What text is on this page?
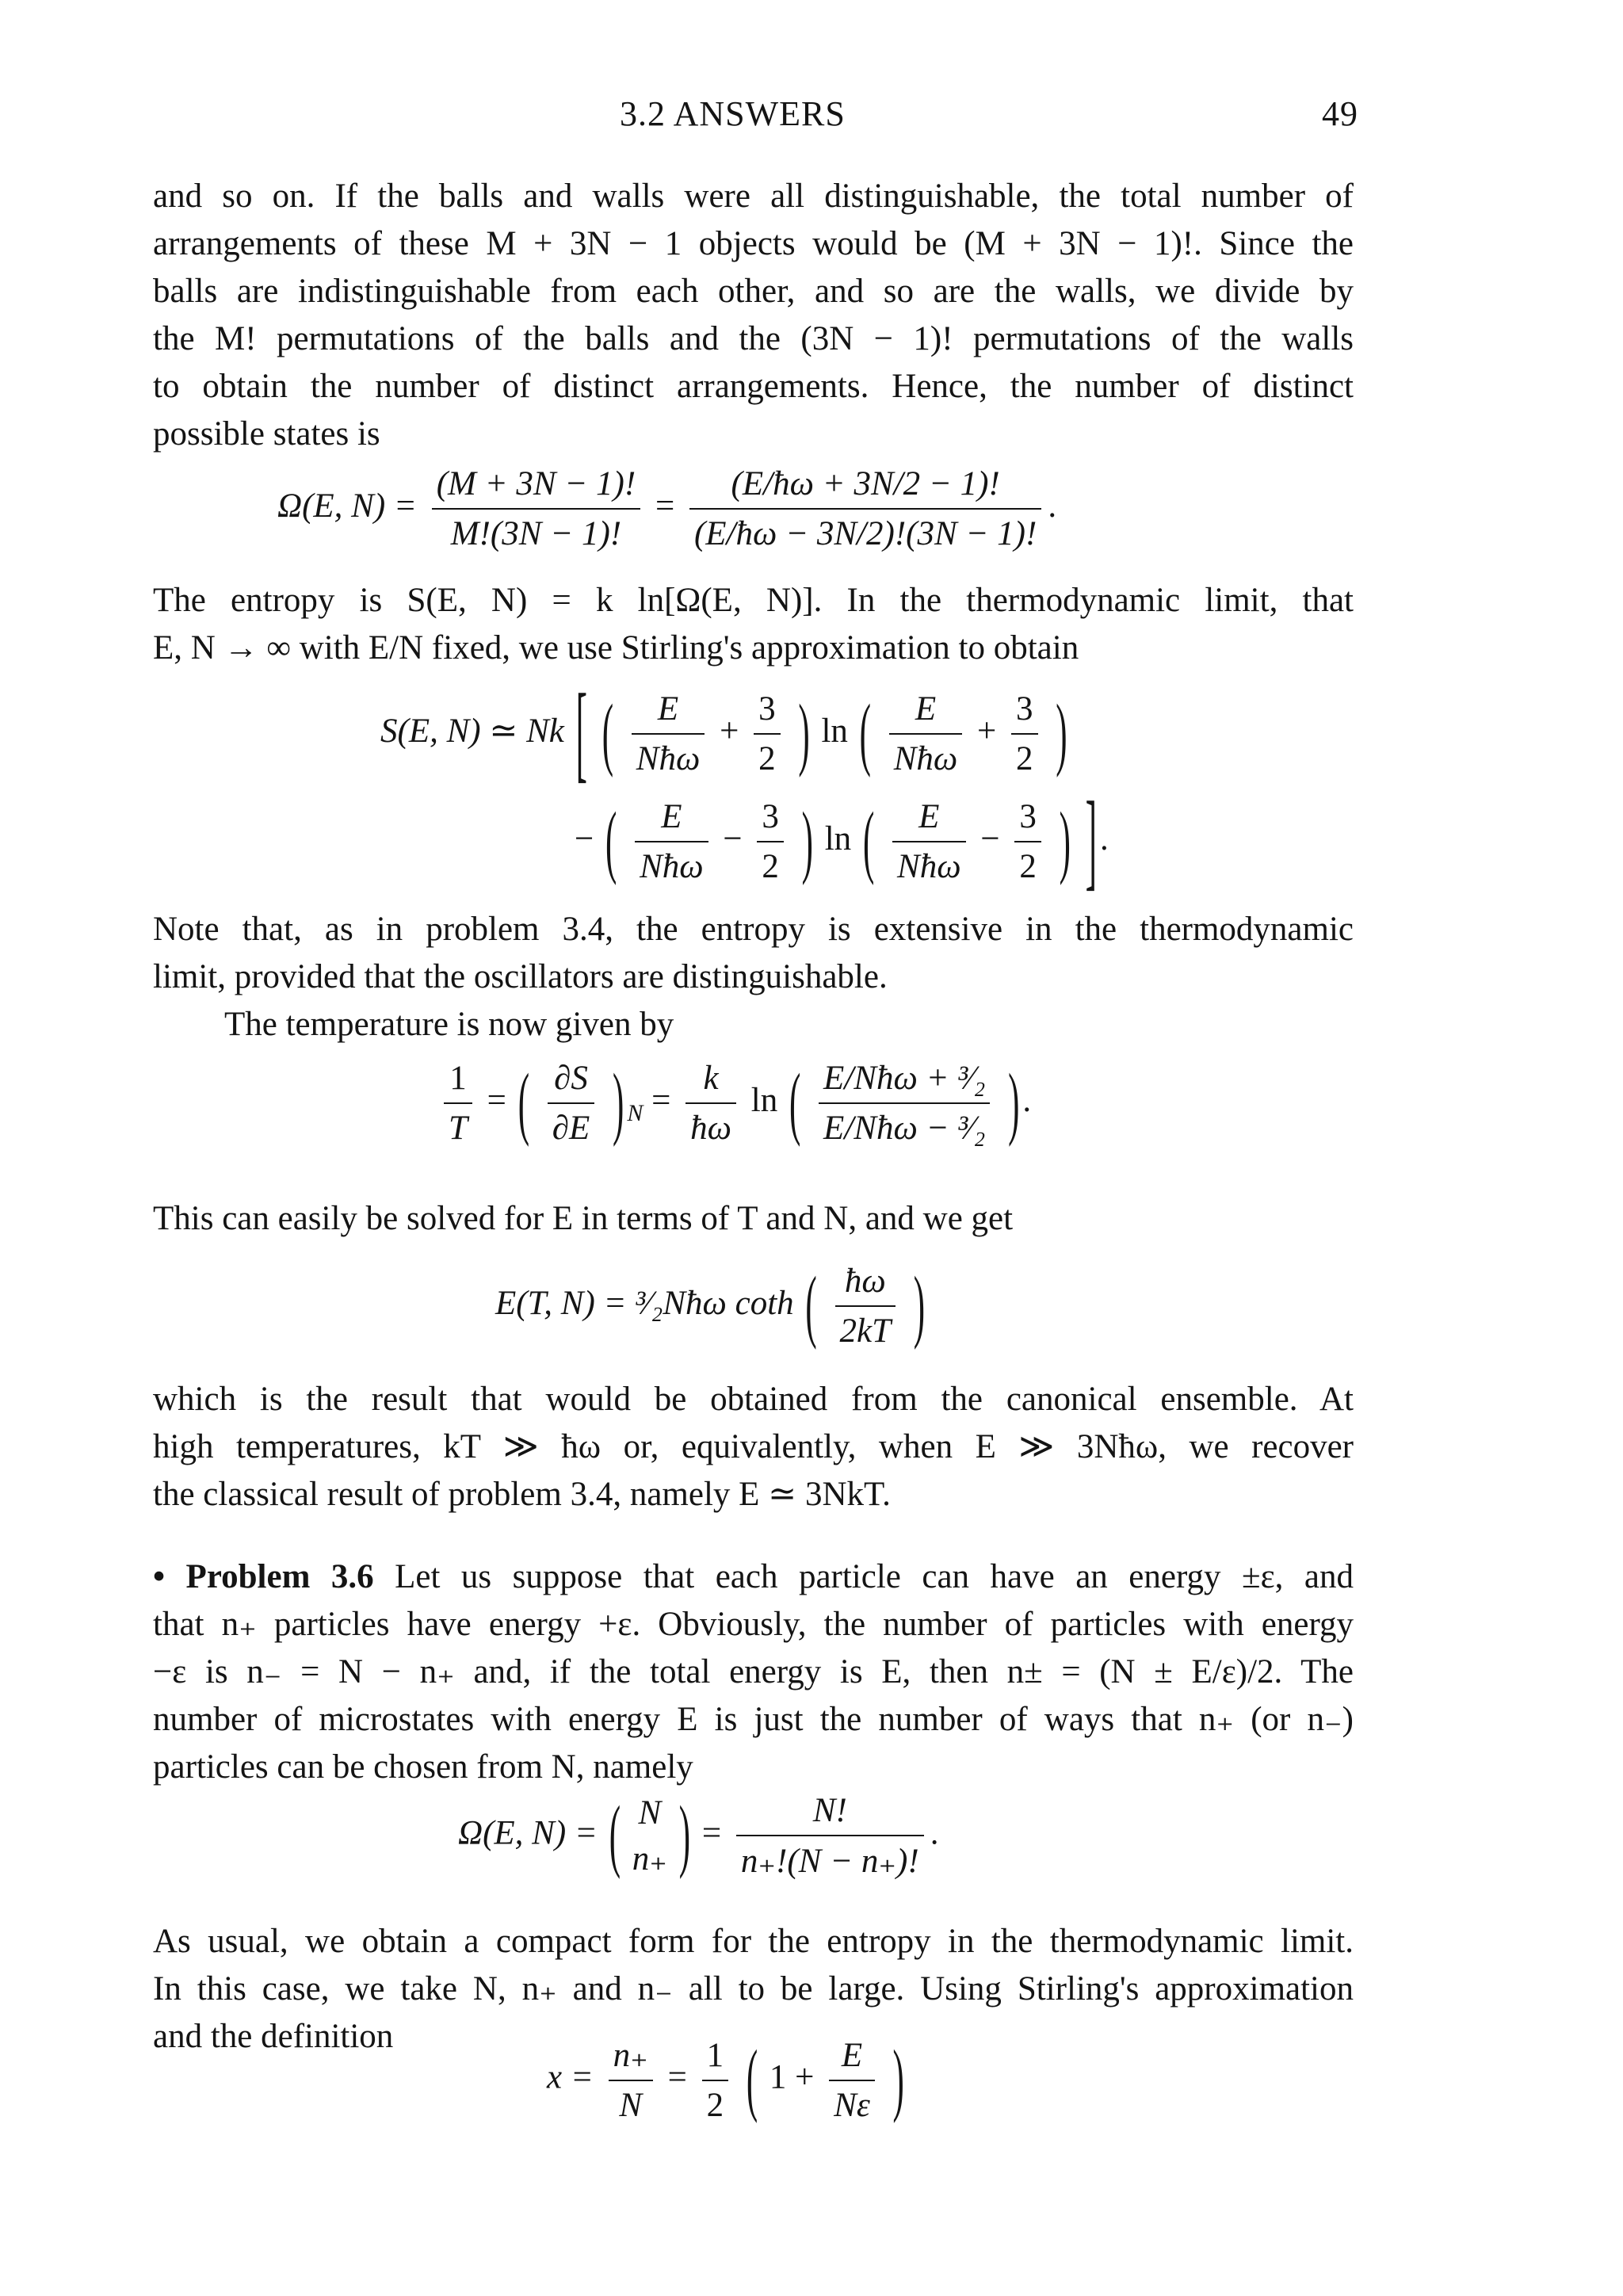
3.2 ANSWERS	49
and so on. If the balls and walls were all distinguishable, the total number of
arrangements of these M + 3N − 1 objects would be (M + 3N − 1)!. Since the
balls are indistinguishable from each other, and so are the walls, we divide by
the M! permutations of the balls and the (3N − 1)! permutations of the walls
to obtain the number of distinct arrangements. Hence, the number of distinct
possible states is
Ω(E, $N) = \frac{(M + 3N - 1)!}{M!(3N - 1)!} = \frac{(E/ħ\omega + 3N/2 - 1)!}{(E/ħ\omega - 3N/2)!(3N - 1)!}$ .
The entropy is S(E, N) = k ln[Ω(E, N)]. In the thermodynamic limit, that
E, N → ∞ with E/N fixed, we use Stirling's approximation to obtain
S(E, N) ≃ Nk [ ( $\frac{E}{\text{Nħω}} + \frac{3}{2}$ ) ln ( $\frac{E}{\text{Nħω}} + \frac{3}{2}$ )
− ( $\frac{E}{\text{Nħω}} - \frac{3}{2}$ ) ln ( $\frac{E}{\text{Nħω}} - \frac{3}{2}$ ) ].
Note that, as in problem 3.4, the entropy is extensive in the thermodynamic
limit, provided that the oscillators are distinguishable.
The temperature is now given by
$\frac{1}{T}$ = ( $\frac{\partial S}{\partial E}$ ) $_N = \frac{k}{ħ\omega}$ ln ( $\frac{\text{E/Nħω + ³⁄₂}}{\text{E/Nħω − ³⁄₂}}$ ).
This can easily be solved for E in terms of T and N, and we get
E(T, N) = ³⁄₂Nħω coth ( $\frac{ħ\omega}{2kT}$ )
which is the result that would be obtained from the canonical ensemble. At
high temperatures, kT ≫ ħω or, equivalently, when E ≫ 3Nħω, we recover
the classical result of problem 3.4, namely E ≃ 3NkT.
• Problem 3.6 Let us suppose that each particle can have an energy ±ε, and
that n₊ particles have energy +ε. Obviously, the number of particles with energy
−ε is n₋ = N − n₊ and, if the total energy is E, then n± = (N ± E/ε)/2. The
number of microstates with energy E is just the number of ways that n₊ (or n₋)
particles can be chosen from N, namely
Ω(E, N) = ( N
n₊ ) = $\frac{N!}{n_+!(N - n_+)!}$ .
As usual, we obtain a compact form for the entropy in the thermodynamic limit.
In this case, we take N, n₊ and n₋ all to be large. Using Stirling's approximation
and the definition
$x = \frac{n_+}{N} = \frac{1}{2}$ ( $1 + \frac{E}{N\varepsilon}$ )
